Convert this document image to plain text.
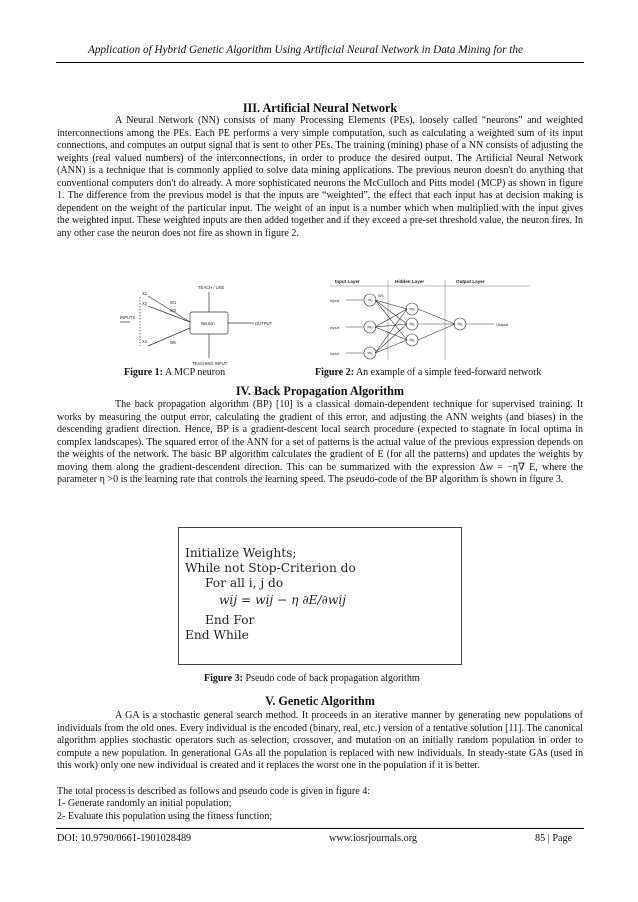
Application of Hybrid Genetic Algorithm Using Artificial Neural Network in Data Mining for the
III. Artificial Neural Network
A Neural Network (NN) consists of many Processing Elements (PEs), loosely called “neurons” and weighted interconnections among the PEs. Each PE performs a very simple computation, such as calculating a weighted sum of its input connections, and computes an output signal that is sent to other PEs. The training (mining) phase of a NN consists of adjusting the weights (real valued numbers) of the interconnections, in order to produce the desired output. The Artificial Neural Network (ANN) is a technique that is commonly applied to solve data mining applications. The previous neuron doesn't do anything that conventional computers don't do already. A more sophisticated neurons the McCulloch and Pitts model (MCP) as shown in figure 1. The difference from the previous model is that the inputs are “weighted”, the effect that each input has at decision making is dependent on the weight of the particular input. The weight of an input is a number which when multiplied with the input gives the weighted input. These weighted inputs are then added together and if they exceed a pre-set threshold value, the neuron fires. In any other case the neuron does not fire as shown in figure 2.
X1
X2
Xn
W1
W2
Wn
TEACH / USE
INPUTS
Neuron	OUTPUT
TEACHING INPUT
Input Layer	Hidden Layer	Output Layer
Input
Input
Input
Output
W1
PE
PE
PE
PE
PE
PE
PE
Figure 1: A MCP neuron	Figure 2: An example of a simple feed-forward network
IV. Back Propagation Algorithm
The back propagation algorithm (BP) [10] is a classical domain-dependent technique for supervised training. It works by measuring the output error, calculating the gradient of this error, and adjusting the ANN weights (and biases) in the descending gradient direction. Hence, BP is a gradient-descent local search procedure (expected to stagnate in local optima in complex landscapes). The squared error of the ANN for a set of patterns is the actual value of the previous expression depends on the weights of the network. The basic BP algorithm calculates the gradient of E (for all the patterns) and updates the weights by moving them along the gradient-descendent direction. This can be summarized with the expression Δw = −η∇ E, where the parameter η >0 is the learning rate that controls the learning speed. The pseudo-code of the BP algorithm is shown in figure 3.
Initialize Weights;
While not Stop-Criterion do
For all i, j do
wij = wij − η ∂E/∂wij
End For
End While
Figure 3: Pseudo code of back propagation algorithm
V. Genetic Algorithm
A GA is a stochastic general search method. It proceeds in an iterative manner by generating new populations of individuals from the old ones. Every individual is the encoded (binary, real, etc.) version of a tentative solution [11]. The canonical algorithm applies stochastic operators such as selection, crossover, and mutation on an initially random population in order to compute a new population. In generational GAs all the population is replaced with new individuals. In steady-state GAs (used in this work) only one new individual is created and it replaces the worst one in the population if it is better.
The total process is described as follows and pseudo code is given in figure 4:
1- Generate randomly an initial population;
2- Evaluate this population using the fitness function;
DOI: 10.9790/0661-1901028489	www.iosrjournals.org	85 | Page
